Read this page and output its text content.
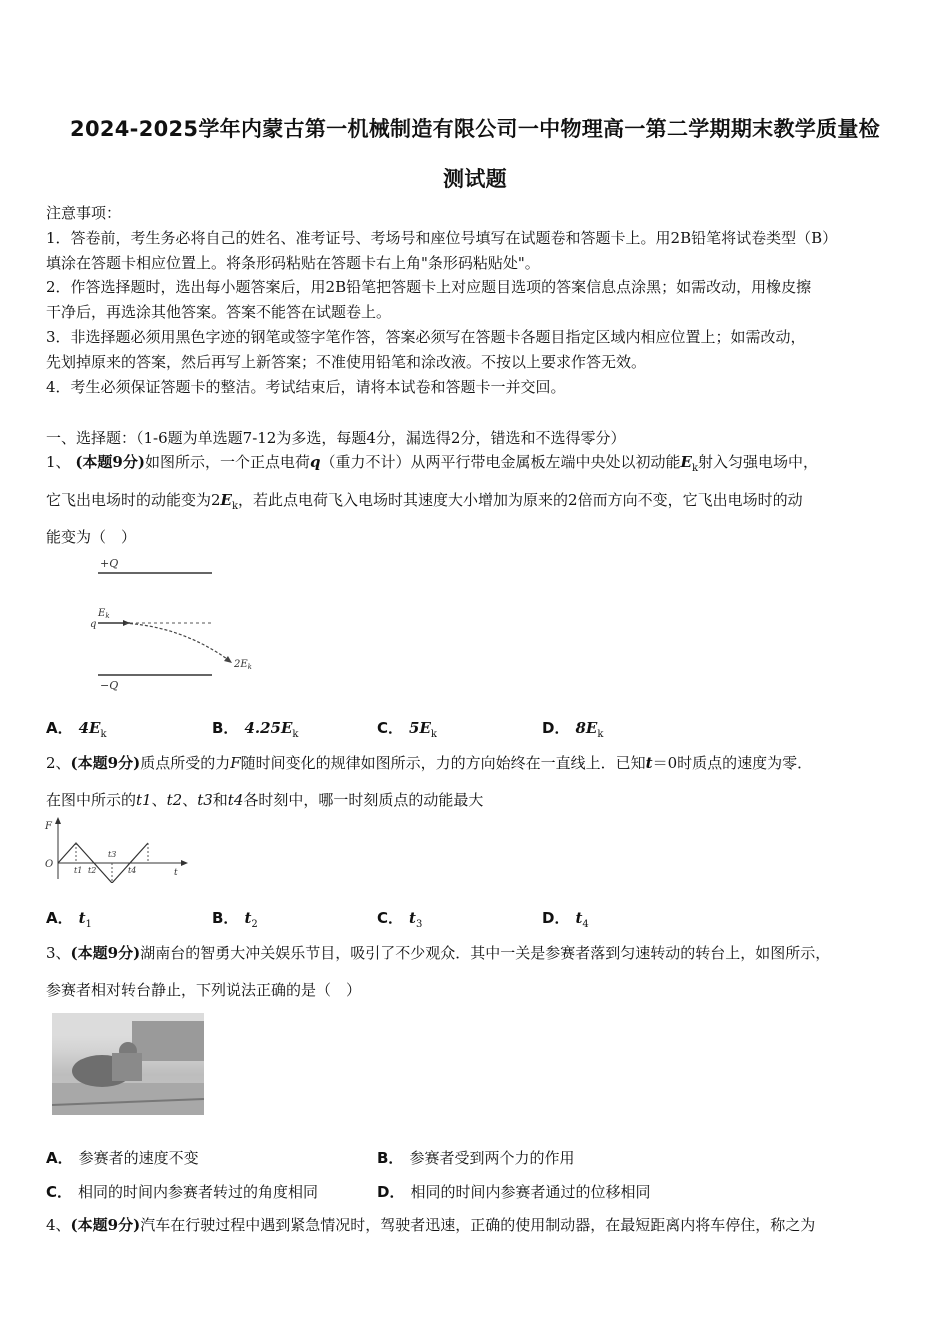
2024-2025学年内蒙古第一机械制造有限公司一中物理高一第二学期期末教学质量检
测试题
注意事项：
1．答卷前，考生务必将自己的姓名、准考证号、考场号和座位号填写在试题卷和答题卡上。用2B铅笔将试卷类型（B）
填涂在答题卡相应位置上。将条形码粘贴在答题卡右上角"条形码粘贴处"。
2．作答选择题时，选出每小题答案后，用2B铅笔把答题卡上对应题目选项的答案信息点涂黑；如需改动，用橡皮擦
干净后，再选涂其他答案。答案不能答在试题卷上。
3．非选择题必须用黑色字迹的钢笔或签字笔作答，答案必须写在答题卡各题目指定区域内相应位置上；如需改动，
先划掉原来的答案，然后再写上新答案；不准使用铅笔和涂改液。不按以上要求作答无效。
4．考生必须保证答题卡的整洁。考试结束后，请将本试卷和答题卡一并交回。
一、选择题：（1-6题为单选题7-12为多选，每题4分，漏选得2分，错选和不选得零分）
1、 (本题9分)如图所示，一个正点电荷q（重力不计）从两平行带电金属板左端中央处以初动能$E_k$射入匀强电场中，
它飞出电场时的动能变为$2E_k$，若此点电荷飞入电场时其速度大小增加为原来的2倍而方向不变，它飞出电场时的动
能变为（　）
+Q
−Q
q
$E_k$
$2E_k$
A． $4E_k$	B． $4.25E_k$	C． $5E_k$	D． $8E_k$
2、(本题9分)质点所受的力F随时间变化的规律如图所示，力的方向始终在一直线上．已知t＝0时质点的速度为零．
在图中所示的t1、t2、t3和t4各时刻中，哪一时刻质点的动能最大
F
O
t
t1 t2
t3
t4
A． $t_1$	B． $t_2$	C． $t_3$	D． $t_4$
3、(本题9分)湖南台的智勇大冲关娱乐节目，吸引了不少观众．其中一关是参赛者落到匀速转动的转台上，如图所示，
参赛者相对转台静止，下列说法正确的是（　）
A． 参赛者的速度不变	B． 参赛者受到两个力的作用
C． 相同的时间内参赛者转过的角度相同	D． 相同的时间内参赛者通过的位移相同
4、(本题9分)汽车在行驶过程中遇到紧急情况时，驾驶者迅速，正确的使用制动器，在最短距离内将车停住，称之为
